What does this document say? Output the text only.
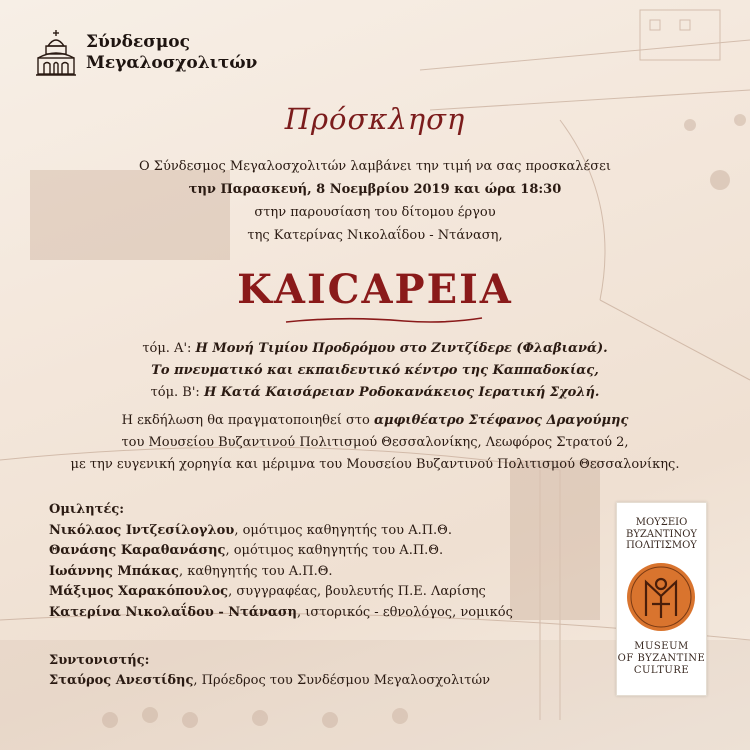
Σύνδεσμος
Μεγαλοσχολιτών
Πρόσκληση
Ο Σύνδεσμος Μεγαλοσχολιτών λαμβάνει την τιμή να σας προσκαλέσει
την Παρασκευή, 8 Νοεμβρίου 2019 και ώρα 18:30
στην παρουσίαση του δίτομου έργου
της Κατερίνας Νικολαΐδου - Ντάναση,
ΚΑΙCΑΡΕΙΑ
τόμ. Α': Η Μονή Τιμίου Προδρόμου στο Ζιντζίδερε (Φλαβιανά).
Το πνευματικό και εκπαιδευτικό κέντρο της Καππαδοκίας,
τόμ. Β': Η Κατά Καισάρειαν Ροδοκανάκειος Ιερατική Σχολή.
Η εκδήλωση θα πραγματοποιηθεί στο αμφιθέατρο Στέφανος Δραγούμης
του Μουσείου Βυζαντινού Πολιτισμού Θεσσαλονίκης, Λεωφόρος Στρατού 2,
με την ευγενική χορηγία και μέριμνα του Μουσείου Βυζαντινού Πολιτισμού Θεσσαλονίκης.
Ομιλητές:
Νικόλαος Ιντζεσίλογλου, ομότιμος καθηγητής του Α.Π.Θ.
Θανάσης Καραθανάσης, ομότιμος καθηγητής του Α.Π.Θ.
Ιωάννης Μπάκας, καθηγητής του Α.Π.Θ.
Μάξιμος Χαρακόπουλος, συγγραφέας, βουλευτής Π.Ε. Λαρίσης
Κατερίνα Νικολαΐδου - Ντάναση, ιστορικός - εθνολόγος, νομικός
Συντονιστής:
Σταύρος Ανεστίδης, Πρόεδρος του Συνδέσμου Μεγαλοσχολιτών
ΜΟΥΣΕΙΟ
ΒΥΖΑΝΤΙΝΟΥ
ΠΟΛΙΤΙΣΜΟΥ
MUSEUM
OF BYZANTINE
CULTURE
